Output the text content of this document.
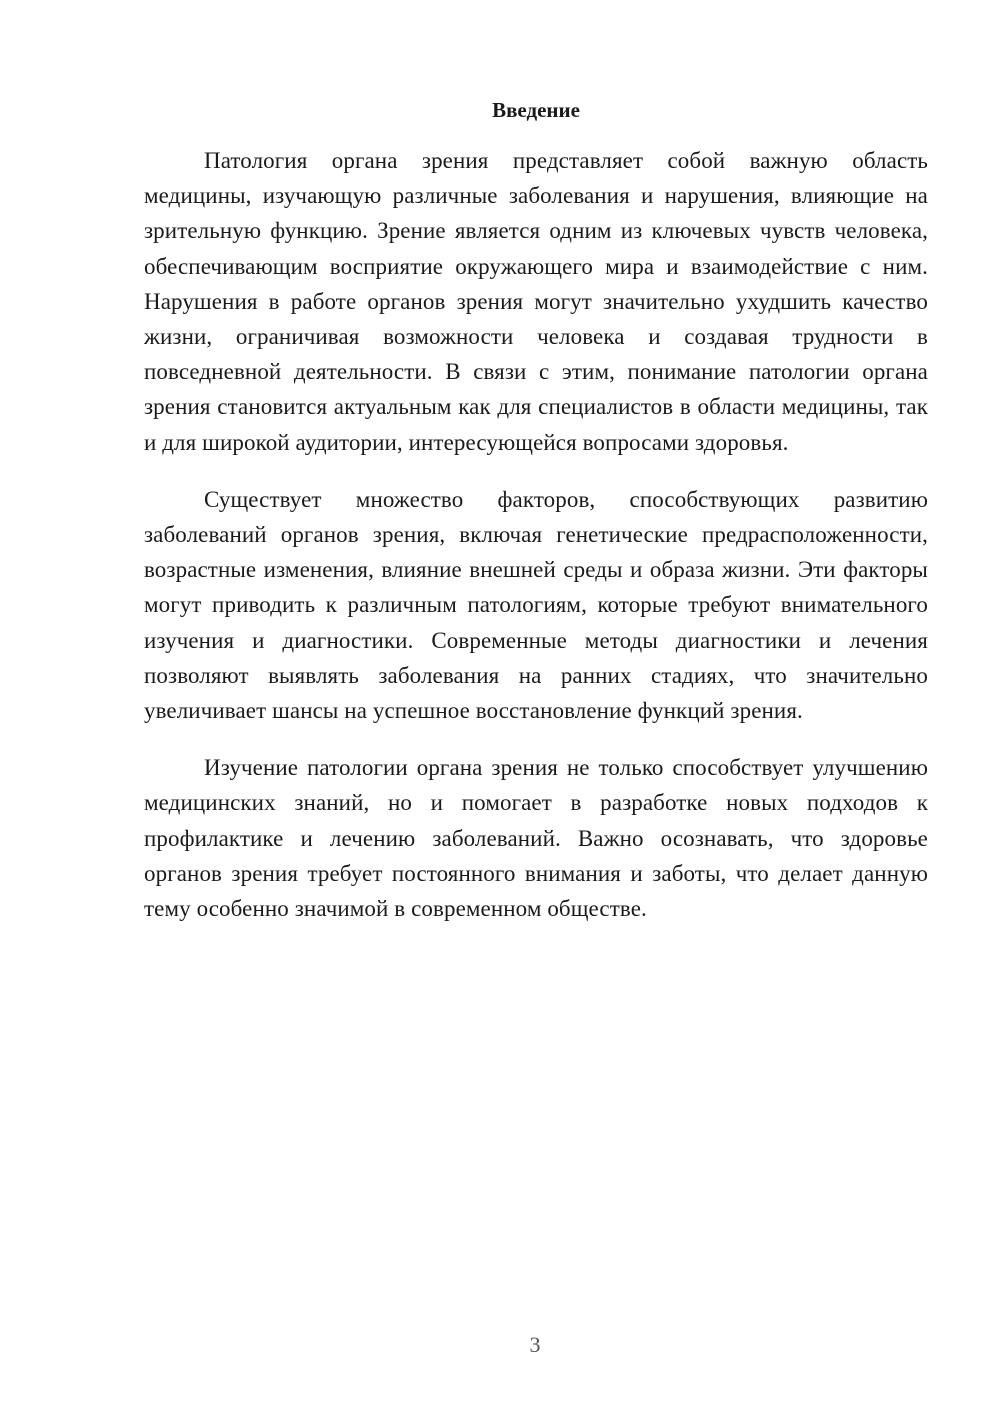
Введение

Патология органа зрения представляет собой важную область медицины, изучающую различные заболевания и нарушения, влияющие на зрительную функцию. Зрение является одним из ключевых чувств человека, обеспечивающим восприятие окружающего мира и взаимодействие с ним. Нарушения в работе органов зрения могут значительно ухудшить качество жизни, ограничивая возможности человека и создавая трудности в повседневной деятельности. В связи с этим, понимание патологии органа зрения становится актуальным как для специалистов в области медицины, так и для широкой аудитории, интересующейся вопросами здоровья.

Существует множество факторов, способствующих развитию заболеваний органов зрения, включая генетические предрасположенности, возрастные изменения, влияние внешней среды и образа жизни. Эти факторы могут приводить к различным патологиям, которые требуют внимательного изучения и диагностики. Современные методы диагностики и лечения позволяют выявлять заболевания на ранних стадиях, что значительно увеличивает шансы на успешное восстановление функций зрения.

Изучение патологии органа зрения не только способствует улучшению медицинских знаний, но и помогает в разработке новых подходов к профилактике и лечению заболеваний. Важно осознавать, что здоровье органов зрения требует постоянного внимания и заботы, что делает данную тему особенно значимой в современном обществе.

3
